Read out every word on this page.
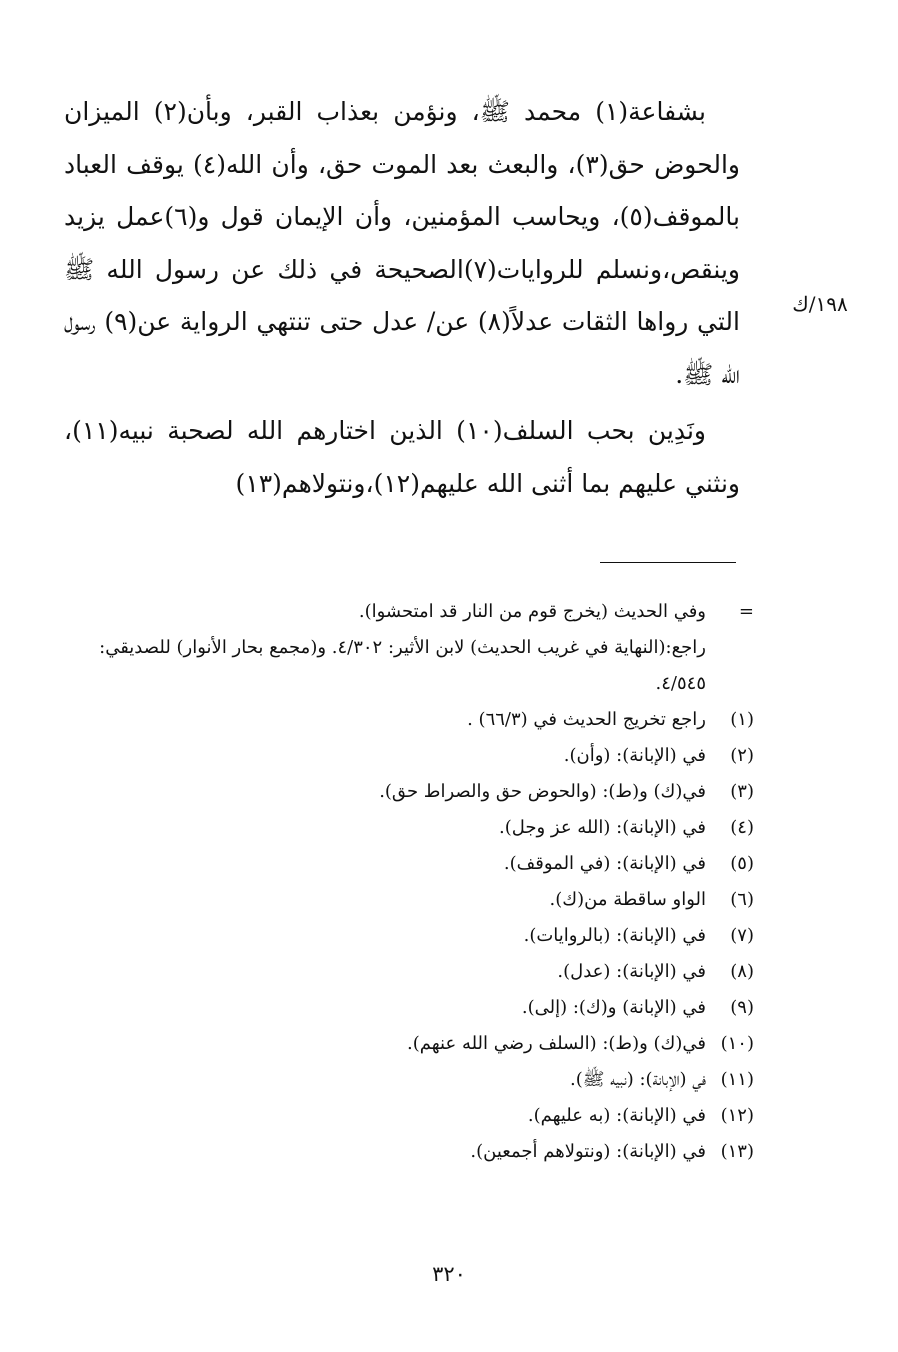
١٩٨/ك

بشفاعة(١) محمد ﷺ، ونؤمن بعذاب القبر، وبأن(٢) الميزان والحوض حق(٣)، والبعث بعد الموت حق، وأن الله(٤) يوقف العباد بالموقف(٥)، ويحاسب المؤمنين، وأن الإيمان قول و(٦)عمل يزيد وينقص،ونسلم للروايات(٧)الصحيحة في ذلك عن رسول الله ﷺ التي رواها الثقات عدلاً(٨) عن/ عدل حتى تنتهي الرواية عن(٩) رسول الله ﷺ.

ونَدِين بحب السلف(١٠) الذين اختارهم الله لصحبة نبيه(١١)، ونثني عليهم بما أثنى الله عليهم(١٢)،ونتولاهم(١٣)

=
وفي الحديث (يخرج قوم من النار قد امتحشوا).
راجع:(النهاية في غريب الحديث) لابن الأثير: ٤/٣٠٢. و(مجمع بحار الأنوار) للصديقي: ٤/٥٤٥.
(١)
راجع تخريج الحديث في (٦٦/٣) .
(٢)
في (الإبانة): (وأن).
(٣)
في(ك) و(ط): (والحوض حق والصراط حق).
(٤)
في (الإبانة): (الله عز وجل).
(٥)
في (الإبانة): (في الموقف).
(٦)
الواو ساقطة من(ك).
(٧)
في (الإبانة): (بالروايات).
(٨)
في (الإبانة): (عدل).
(٩)
في (الإبانة) و(ك): (إلى).
(١٠)
في(ك) و(ط): (السلف رضي الله عنهم).
(١١)
في (الإبانة): (نبيه ﷺ).
(١٢)
في (الإبانة): (به عليهم).
(١٣)
في (الإبانة): (ونتولاهم أجمعين).
٣٢٠
